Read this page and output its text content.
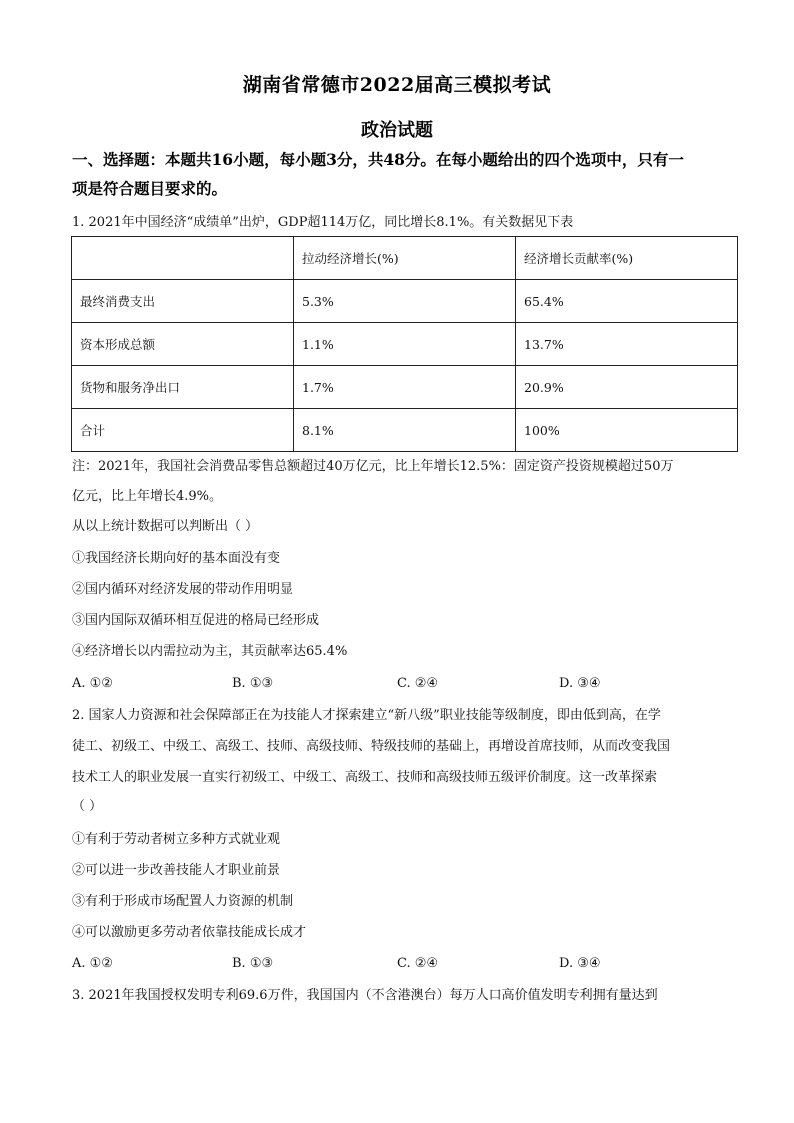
湖南省常德市2022届高三模拟考试
政治试题
一、选择题：本题共16小题，每小题3分，共48分。在每小题给出的四个选项中，只有一
项是符合题目要求的。
1. 2021年中国经济“成绩单”出炉，GDP超114万亿，同比增长8.1%。有关数据见下表
	拉动经济增长(%)	经济增长贡献率(%)
最终消费支出	5.3%	65.4%
资本形成总额	1.1%	13.7%
货物和服务净出口	1.7%	20.9%
合计	8.1%	100%
注：2021年，我国社会消费品零售总额超过40万亿元，比上年增长12.5%：固定资产投资规模超过50万
亿元，比上年增长4.9%。
从以上统计数据可以判断出（ ）
①我国经济长期向好的基本面没有变
②国内循环对经济发展的带动作用明显
③国内国际双循环相互促进的格局已经形成
④经济增长以内需拉动为主，其贡献率达65.4%
A. ①②	B. ①③	C. ②④	D. ③④
2. 国家人力资源和社会保障部正在为技能人才探索建立“新八级”职业技能等级制度，即由低到高，在学
徒工、初级工、中级工、高级工、技师、高级技师、特级技师的基础上，再增设首席技师，从而改变我国
技术工人的职业发展一直实行初级工、中级工、高级工、技师和高级技师五级评价制度。这一改革探索
（ ）
①有利于劳动者树立多种方式就业观
②可以进一步改善技能人才职业前景
③有利于形成市场配置人力资源的机制
④可以激励更多劳动者依靠技能成长成才
A. ①②	B. ①③	C. ②④	D. ③④
3. 2021年我国授权发明专利69.6万件，我国国内（不含港澳台）每万人口高价值发明专利拥有量达到
